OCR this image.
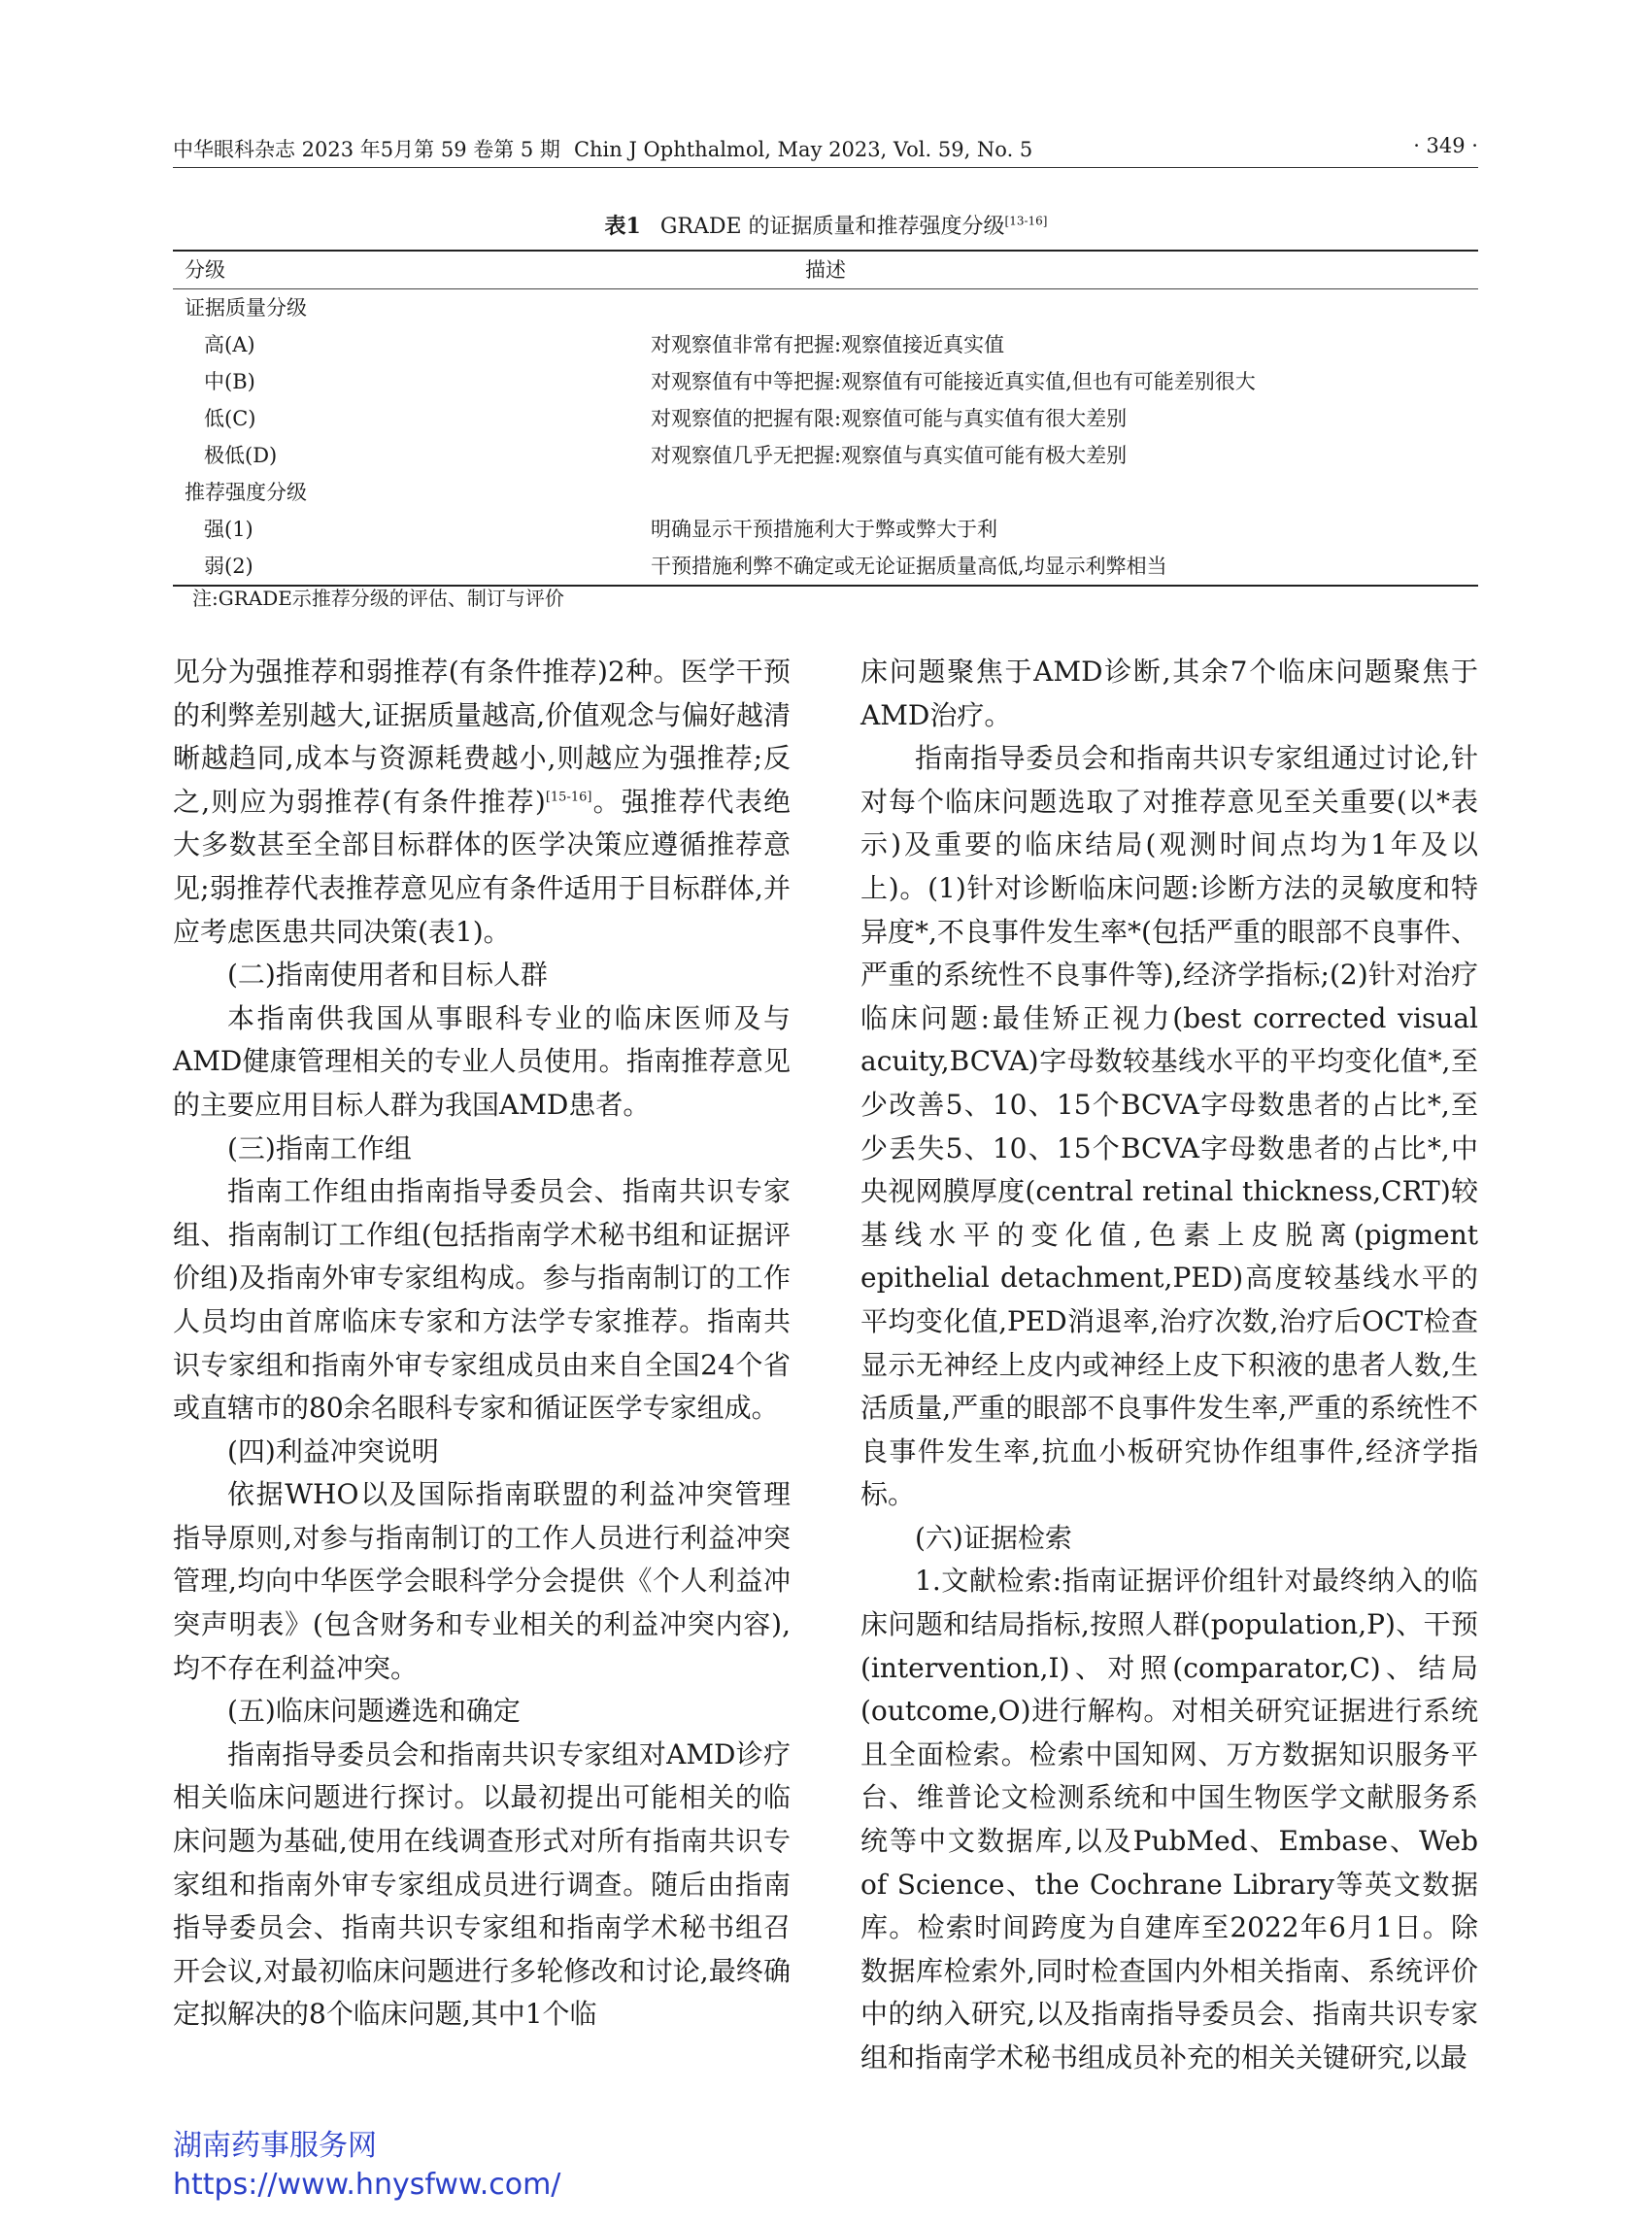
中华眼科杂志 2023 年5月第 59 卷第 5 期 Chin J Ophthalmol, May 2023, Vol. 59, No. 5	· 349 ·
表1 GRADE 的证据质量和推荐强度分级[13-16]
分级	描述
证据质量分级
高(A)	对观察值非常有把握:观察值接近真实值
中(B)	对观察值有中等把握:观察值有可能接近真实值,但也有可能差别很大
低(C)	对观察值的把握有限:观察值可能与真实值有很大差别
极低(D)	对观察值几乎无把握:观察值与真实值可能有极大差别
推荐强度分级
强(1)	明确显示干预措施利大于弊或弊大于利
弱(2)	干预措施利弊不确定或无论证据质量高低,均显示利弊相当
注:GRADE示推荐分级的评估、制订与评价

见分为强推荐和弱推荐(有条件推荐)2种。医学干预的利弊差别越大,证据质量越高,价值观念与偏好越清晰越趋同,成本与资源耗费越小,则越应为强推荐;反之,则应为弱推荐(有条件推荐)[15-16]。强推荐代表绝大多数甚至全部目标群体的医学决策应遵循推荐意见;弱推荐代表推荐意见应有条件适用于目标群体,并应考虑医患共同决策(表1)。

(二)指南使用者和目标人群

本指南供我国从事眼科专业的临床医师及与AMD健康管理相关的专业人员使用。指南推荐意见的主要应用目标人群为我国AMD患者。

(三)指南工作组

指南工作组由指南指导委员会、指南共识专家组、指南制订工作组(包括指南学术秘书组和证据评价组)及指南外审专家组构成。参与指南制订的工作人员均由首席临床专家和方法学专家推荐。指南共识专家组和指南外审专家组成员由来自全国24个省或直辖市的80余名眼科专家和循证医学专家组成。

(四)利益冲突说明

依据WHO以及国际指南联盟的利益冲突管理指导原则,对参与指南制订的工作人员进行利益冲突管理,均向中华医学会眼科学分会提供《个人利益冲突声明表》(包含财务和专业相关的利益冲突内容),均不存在利益冲突。

(五)临床问题遴选和确定

指南指导委员会和指南共识专家组对AMD诊疗相关临床问题进行探讨。以最初提出可能相关的临床问题为基础,使用在线调查形式对所有指南共识专家组和指南外审专家组成员进行调查。随后由指南指导委员会、指南共识专家组和指南学术秘书组召开会议,对最初临床问题进行多轮修改和讨论,最终确定拟解决的8个临床问题,其中1个临

床问题聚焦于AMD诊断,其余7个临床问题聚焦于AMD治疗。

指南指导委员会和指南共识专家组通过讨论,针对每个临床问题选取了对推荐意见至关重要(以*表示)及重要的临床结局(观测时间点均为1年及以上)。(1)针对诊断临床问题:诊断方法的灵敏度和特异度*,不良事件发生率*(包括严重的眼部不良事件、严重的系统性不良事件等),经济学指标;(2)针对治疗临床问题:最佳矫正视力(best corrected visual acuity,BCVA)字母数较基线水平的平均变化值*,至少改善5、10、15个BCVA字母数患者的占比*,至少丢失5、10、15个BCVA字母数患者的占比*,中央视网膜厚度(central retinal thickness,CRT)较基线水平的变化值,色素上皮脱离(pigment epithelial detachment,PED)高度较基线水平的平均变化值,PED消退率,治疗次数,治疗后OCT检查显示无神经上皮内或神经上皮下积液的患者人数,生活质量,严重的眼部不良事件发生率,严重的系统性不良事件发生率,抗血小板研究协作组事件,经济学指标。

(六)证据检索

1.文献检索:指南证据评价组针对最终纳入的临床问题和结局指标,按照人群(population,P)、干预(intervention,I)、对照(comparator,C)、结局(outcome,O)进行解构。对相关研究证据进行系统且全面检索。检索中国知网、万方数据知识服务平台、维普论文检测系统和中国生物医学文献服务系统等中文数据库,以及PubMed、Embase、Web of Science、the Cochrane Library等英文数据库。检索时间跨度为自建库至2022年6月1日。除数据库检索外,同时检查国内外相关指南、系统评价中的纳入研究,以及指南指导委员会、指南共识专家组和指南学术秘书组成员补充的相关关键研究,以最

湖南药事服务网
https://www.hnysfww.com/
